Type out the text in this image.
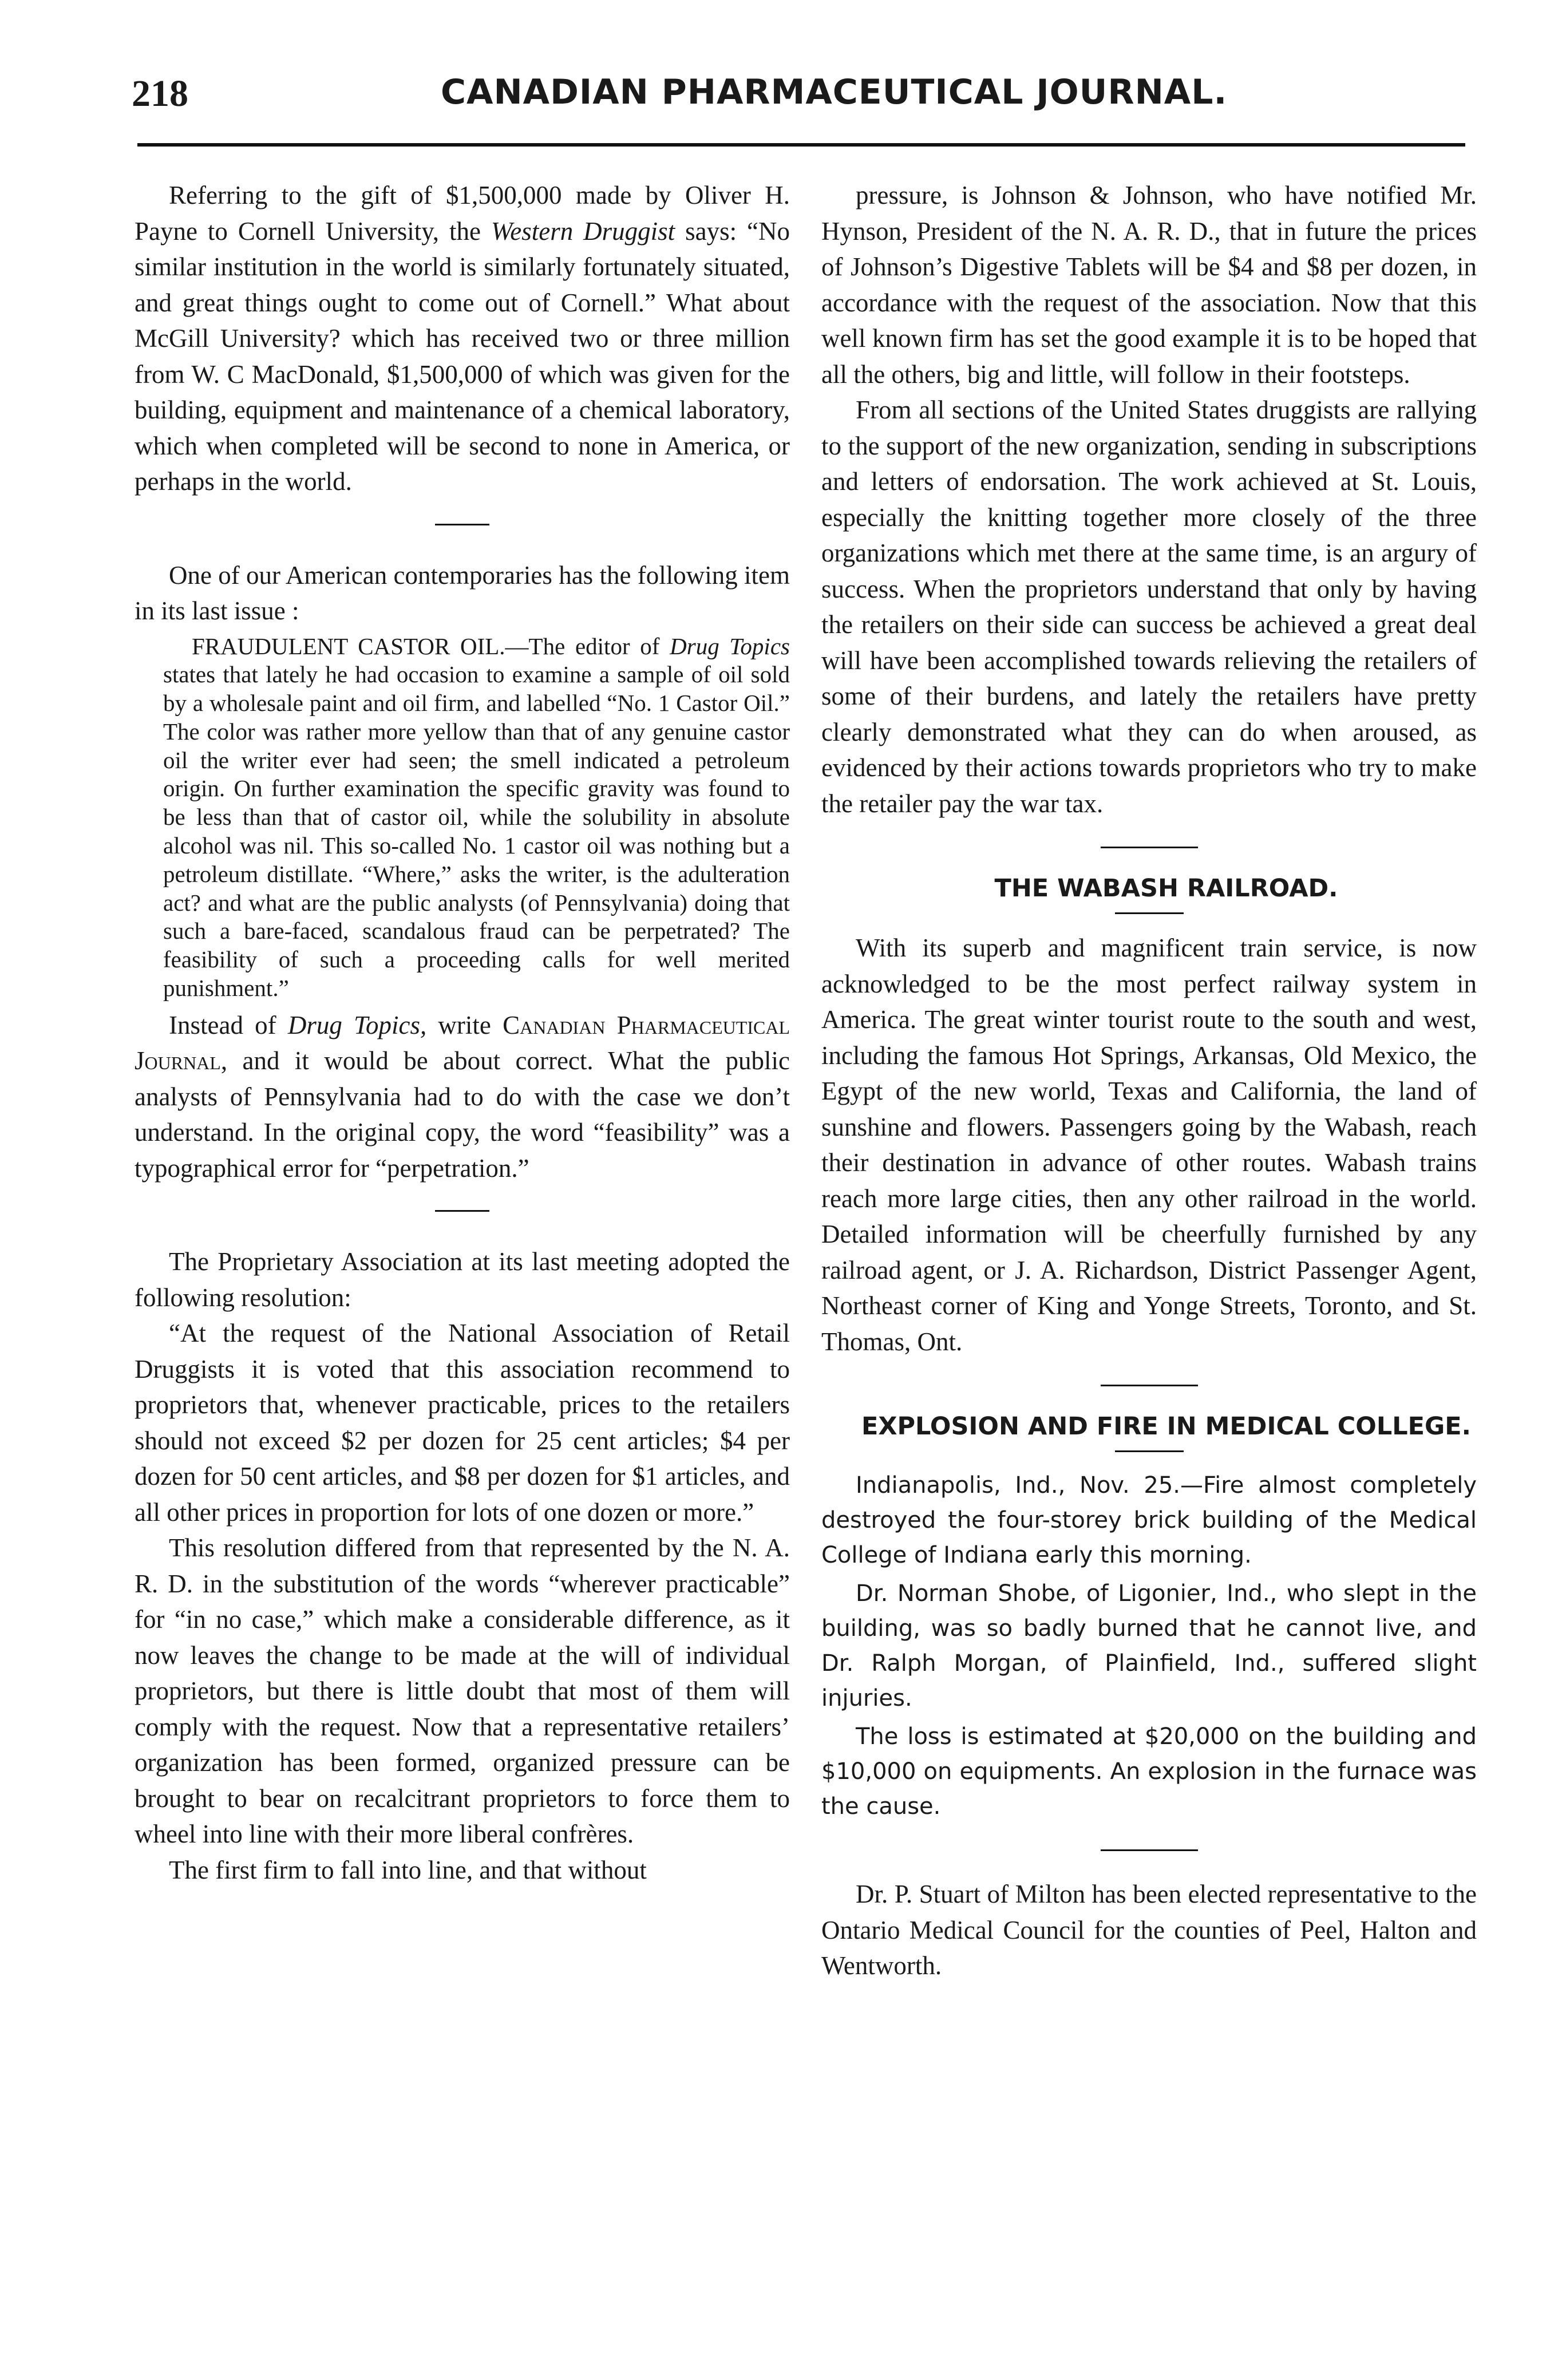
218	CANADIAN PHARMACEUTICAL JOURNAL.

Referring to the gift of $1,500,000 made by Oliver H. Payne to Cornell University, the Western Druggist says: “No similar institution in the world is similarly fortunately situated, and great things ought to come out of Cornell.” What about McGill University? which has received two or three million from W. C MacDonald, $1,500,000 of which was given for the building, equipment and maintenance of a chemical laboratory, which when completed will be second to none in America, or perhaps in the world.

One of our American contemporaries has the following item in its last issue :

FRAUDULENT CASTOR OIL.—The editor of Drug Topics states that lately he had occasion to examine a sample of oil sold by a wholesale paint and oil firm, and labelled “No. 1 Castor Oil.” The color was rather more yellow than that of any genuine castor oil the writer ever had seen; the smell indicated a petroleum origin. On further examination the specific gravity was found to be less than that of castor oil, while the solubility in absolute alcohol was nil. This so-called No. 1 castor oil was nothing but a petroleum distillate. “Where,” asks the writer, is the adulteration act? and what are the public analysts (of Pennsylvania) doing that such a bare-faced, scandalous fraud can be perpetrated? The feasibility of such a proceeding calls for well merited punishment.”

Instead of Drug Topics, write Canadian Pharmaceutical Journal, and it would be about correct. What the public analysts of Pennsylvania had to do with the case we don’t understand. In the original copy, the word “feasibility” was a typographical error for “perpetration.”

The Proprietary Association at its last meeting adopted the following resolution:

“At the request of the National Association of Retail Druggists it is voted that this association recommend to proprietors that, whenever practicable, prices to the retailers should not exceed $2 per dozen for 25 cent articles; $4 per dozen for 50 cent articles, and $8 per dozen for $1 articles, and all other prices in proportion for lots of one dozen or more.”

This resolution differed from that represented by the N. A. R. D. in the substitution of the words “wherever practicable” for “in no case,” which make a considerable difference, as it now leaves the change to be made at the will of individual proprietors, but there is little doubt that most of them will comply with the request. Now that a representative retailers’ organization has been formed, organized pressure can be brought to bear on recalcitrant proprietors to force them to wheel into line with their more liberal confrères.

The first firm to fall into line, and that without

pressure, is Johnson & Johnson, who have notified Mr. Hynson, President of the N. A. R. D., that in future the prices of Johnson’s Digestive Tablets will be $4 and $8 per dozen, in accordance with the request of the association. Now that this well known firm has set the good example it is to be hoped that all the others, big and little, will follow in their footsteps.

From all sections of the United States druggists are rallying to the support of the new organization, sending in subscriptions and letters of endorsation. The work achieved at St. Louis, especially the knitting together more closely of the three organizations which met there at the same time, is an argury of success. When the proprietors understand that only by having the retailers on their side can success be achieved a great deal will have been accomplished towards relieving the retailers of some of their burdens, and lately the retailers have pretty clearly demonstrated what they can do when aroused, as evidenced by their actions towards proprietors who try to make the retailer pay the war tax.

THE WABASH RAILROAD.

With its superb and magnificent train service, is now acknowledged to be the most perfect railway system in America. The great winter tourist route to the south and west, including the famous Hot Springs, Arkansas, Old Mexico, the Egypt of the new world, Texas and California, the land of sunshine and flowers. Passengers going by the Wabash, reach their destination in advance of other routes. Wabash trains reach more large cities, then any other railroad in the world. Detailed information will be cheerfully furnished by any railroad agent, or J. A. Richardson, District Passenger Agent, Northeast corner of King and Yonge Streets, Toronto, and St. Thomas, Ont.

EXPLOSION AND FIRE IN MEDICAL COLLEGE.

Indianapolis, Ind., Nov. 25.—Fire almost completely destroyed the four-storey brick building of the Medical College of Indiana early this morning.

Dr. Norman Shobe, of Ligonier, Ind., who slept in the building, was so badly burned that he cannot live, and Dr. Ralph Morgan, of Plainfield, Ind., suffered slight injuries.

The loss is estimated at $20,000 on the building and $10,000 on equipments. An explosion in the furnace was the cause.

Dr. P. Stuart of Milton has been elected representative to the Ontario Medical Council for the counties of Peel, Halton and Wentworth.
